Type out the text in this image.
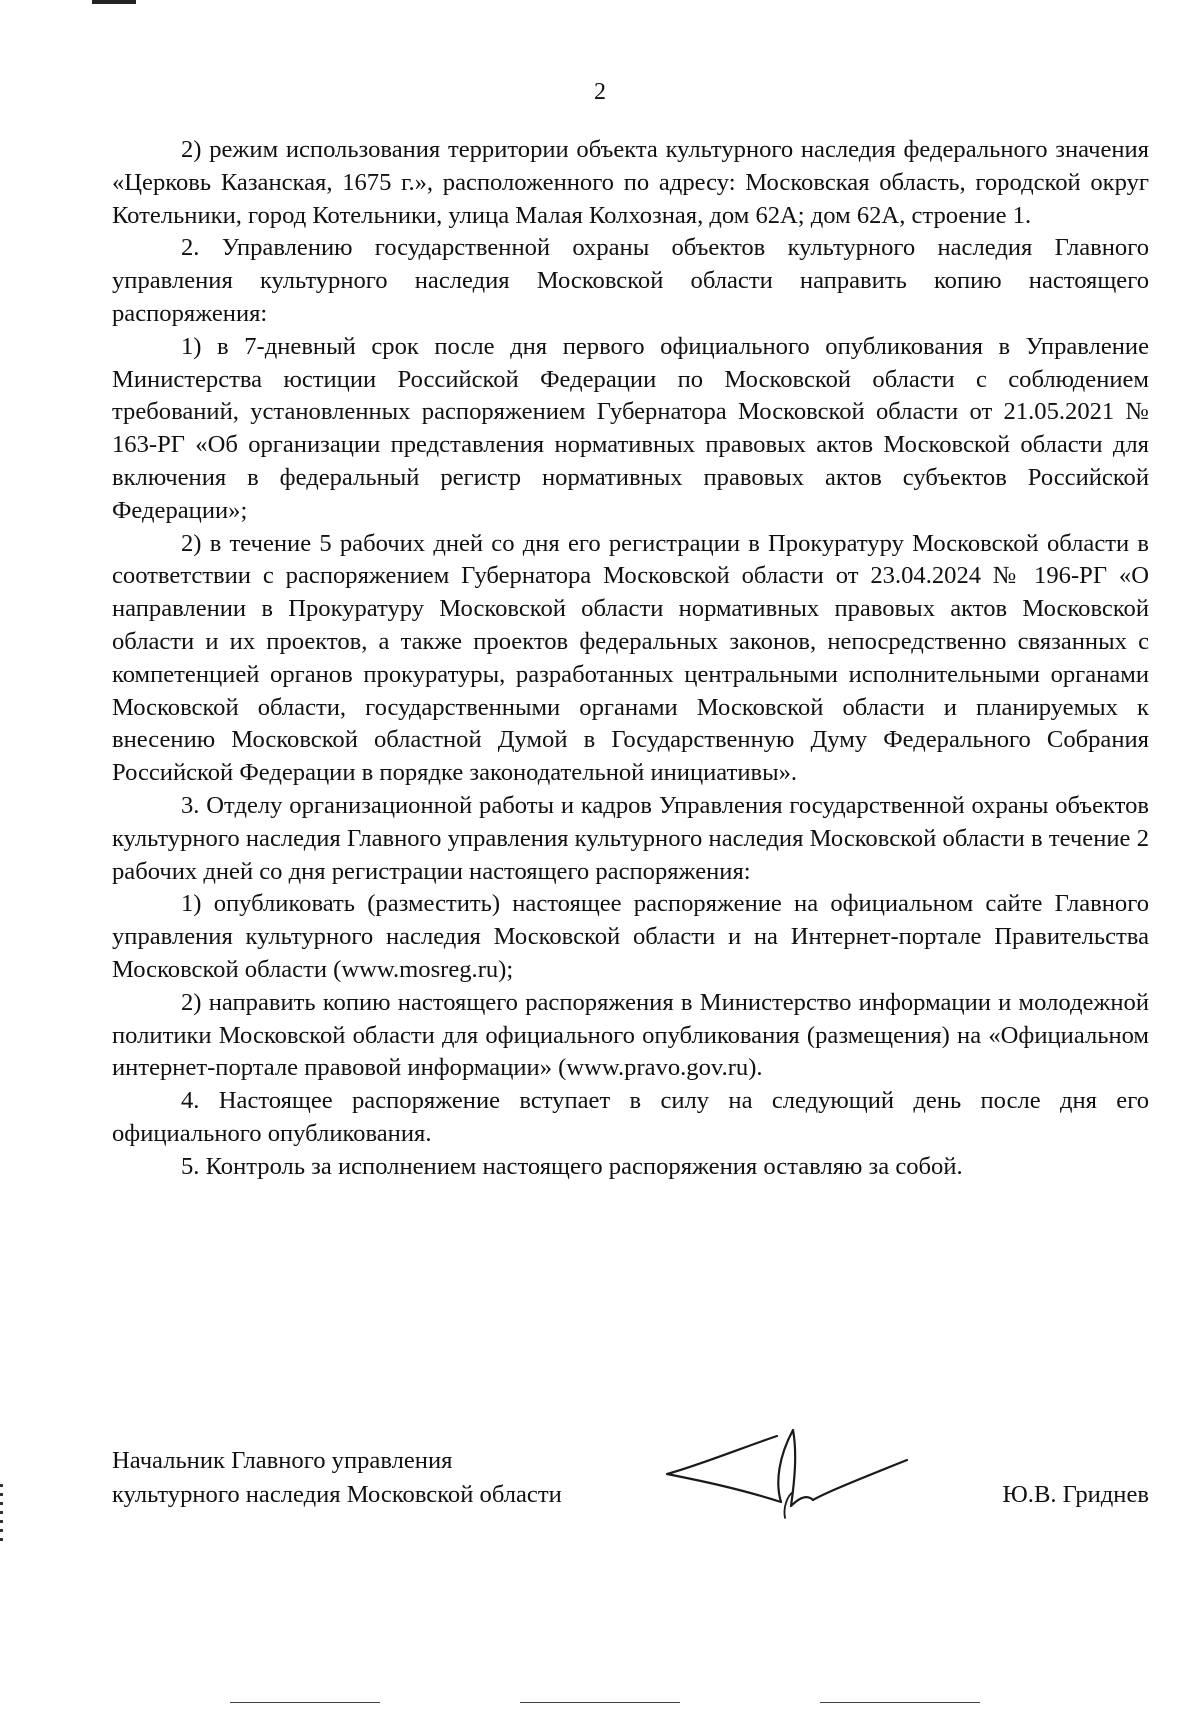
2

2) режим использования территории объекта культурного наследия федерального значения «Церковь Казанская, 1675 г.», расположенного по адресу: Московская область, городской округ Котельники, город Котельники, улица Малая Колхозная, дом 62А; дом 62А, строение 1.

2. Управлению государственной охраны объектов культурного наследия Главного управления культурного наследия Московской области направить копию настоящего распоряжения:

1) в 7-дневный срок после дня первого официального опубликования в Управление Министерства юстиции Российской Федерации по Московской области с соблюдением требований, установленных распоряжением Губернатора Московской области от 21.05.2021 № 163-РГ «Об организации представления нормативных правовых актов Московской области для включения в федеральный регистр нормативных правовых актов субъектов Российской Федерации»;

2) в течение 5 рабочих дней со дня его регистрации в Прокуратуру Московской области в соответствии с распоряжением Губернатора Московской области от 23.04.2024 № 196-РГ «О направлении в Прокуратуру Московской области нормативных правовых актов Московской области и их проектов, а также проектов федеральных законов, непосредственно связанных с компетенцией органов прокуратуры, разработанных центральными исполнительными органами Московской области, государственными органами Московской области и планируемых к внесению Московской областной Думой в Государственную Думу Федерального Собрания Российской Федерации в порядке законодательной инициативы».

3. Отделу организационной работы и кадров Управления государственной охраны объектов культурного наследия Главного управления культурного наследия Московской области в течение 2 рабочих дней со дня регистрации настоящего распоряжения:

1) опубликовать (разместить) настоящее распоряжение на официальном сайте Главного управления культурного наследия Московской области и на Интернет-портале Правительства Московской области (www.mosreg.ru);

2) направить копию настоящего распоряжения в Министерство информации и молодежной политики Московской области для официального опубликования (размещения) на «Официальном интернет-портале правовой информации» (www.pravo.gov.ru).

4. Настоящее распоряжение вступает в силу на следующий день после дня его официального опубликования.

5. Контроль за исполнением настоящего распоряжения оставляю за собой.

Начальник Главного управления
культурного наследия Московской области	Ю.В. Гриднев
